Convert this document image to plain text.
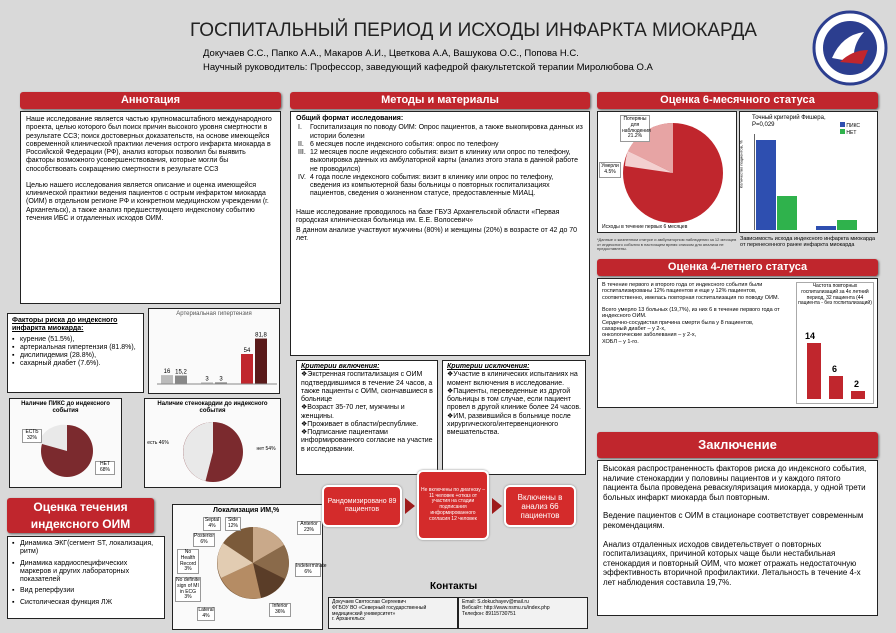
ГОСПИТАЛЬНЫЙ ПЕРИОД И ИСХОДЫ ИНФАРКТА МИОКАРДА
Докучаев С.С., Папко А.А., Макаров А.И., Цветкова А.А, Вашукова О.С., Попова Н.С.
Научный руководитель: Профессор, заведующий кафедрой факультетской терапии Миролюбова О.А
Аннотация

Наше исследование является частью крупномасштабного международного проекта, целью которого был поиск причин высокого уровня смертности в результате ССЗ; поиск достоверных доказательств, на основе имеющейся современной клинической практики лечения острого инфаркта миокарда в Российской Федерации (РФ), анализ которых позволил бы выявить факторы возможного усовершенствования, которые могли бы способствовать сокращению смертности в результате ССЗ

Целью нашего исследования является описание и оценка имеющейся клинической практики ведения пациентов с острым инфарктом миокарда (ОИМ) в отдельном регионе РФ и конкретном медицинском учреждении (г. Архангельск), а также анализ предшествующего индексному событию течения ИБС и отдаленных исходов ОИМ.

Факторы риска до индексного инфаркта миокарда:
▪ курение (51.5%),
▪ артериальная гипертензия (81.8%),
▪ дислипидемия (28.8%),
▪ сахарный диабет (7.6%).
Артериальная гипертензия
16 15,2
3 3
54
81,8
Наличие ПИКС до индексного события
ЕСТЬ 32%
НЕТ 68%
Наличие стенокардии до индексного события
есть 46%
нет 54%
Оценка течения индексного ОИМ
▪ Динамика ЭКГ(сегмент ST, локализация, ритм)
▪ Динамика кардиоспецифических маркеров и других лабораторных показателей
▪ Вид реперфузии
▪ Систолическая функция ЛЖ
Локализация ИМ,%
Septal 4%
Side 12%
Posterior 6%
Anterior 23%
No Health Record 3%
No definite sign of MI in ECG 3%
Lateral 4%
Indeterminate 6%
Inferior 36%
Методы и материалы
Общий формат исследования:
I.	Госпитализация по поводу ОИМ: Опрос пациентов, а также выкопировка данных из истории болезни
II. 6 месяцев после индексного события: опрос по телефону
III. 12 месяцев после индексного события: визит в клинику или опрос по телефону, выкопировка данных из амбулаторной карты (анализ этого этапа в данной работе не проводился)
IV. 4 года после индексного события: визит в клинику или опрос по телефону, сведения из компьютерной базы больницы о повторных госпитализациях пациентов, сведения о жизненном статусе, предоставленные МИАЦ.

Наше исследование проводилось на базе ГБУЗ Архангельской области «Первая городская клиническая больница им. Е.Е. Волосевич»

В данном анализе участвуют мужчины (80%) и женщины (20%) в возрасте от 42 до 70 лет.

Критерии включения:
❖Экстренная госпитализация с ОИМ подтвердившимся в течение 24 часов, а также пациенты с ОИМ, скончавшиеся в больнице
❖Возраст 35-70 лет, мужчины и женщины.
❖Проживает в области/республике.
❖Подписание пациентами информированного согласие на участие в исследовании.
Критерии исключения:
❖Участие в клинических испытаниях на момент включения в исследование.
❖Пациенты, переведенные из другой больницы в том случае, если пациент провел в другой клинике более 24 часов.
❖ИМ, развившийся в больнице после хирургического/интервенционного вмешательства.
Рандомизировано 89 пациентов
Не включены по диагнозу – 11 человек +отказ от участия на стадии подписания информированного согласия 12 человек
Включены в анализ 66 пациентов
Контакты
Докучаев Святослав Сергеевич
ФГБОУ ВО «Северный государственный медицинский университет»
г. Архангельск
Email: S.dokuchayev@mail.ru
Вебсайт: http://www.nsmu.ru/index.php
Телефон: 89115730751
Оценка 6-месячного статуса
Потеряны для наблюдения 21.2%
Умерли 4.5%
Исходы в течение первых 6 месяцев
Точный критерий Фишера, P=0,029	ПИКС
НЕТ
Количество пациентов, %
Зависимость исхода индексного инфаркта миокарда от перенесенного ранее инфаркта миокарда
*Данные о жизненном статусе и амбулаторном наблюдении за 12 месяцев от индексного события в настоящем время списком для анализа не предоставлены.
Оценка 4-летнего статуса

В течение первого и второго года от индексного события были госпитализированы 12% пациентов и еще у 12% пациентов, соответственно, имелась повторная госпитализация по поводу ОИМ.

Всего умерло 13 больных (19,7%), из них 6 в течение первого года от индексного ОИМ.

Сердечно-сосудистая причина смерти была у 8 пациентов,

сахарный диабет – у 2-х,

онкологические заболевания – у 2-х,

ХОБЛ – у 1-го.

Частота повторных госпитализаций за 4х летний период, 32 пациента (44 пациента - без госпитализаций)
14
6
2
Заключение

Высокая распространенность факторов риска до индексного события, наличие стенокардии у половины пациентов и у каждого пятого пациента была проведена реваскуляризация миокарда, у одной трети больных инфаркт миокарда был повторным.

Ведение пациентов с ОИМ в стационаре соответствует современным рекомендациям.

Анализ отдаленных исходов свидетельствует о повторных госпитализациях, причиной которых чаще были нестабильная стенокардия и повторный ОИМ, что может отражать недостаточную эффективность вторичной профилактики. Летальность в течение 4-х лет наблюдения составила 19,7%.
